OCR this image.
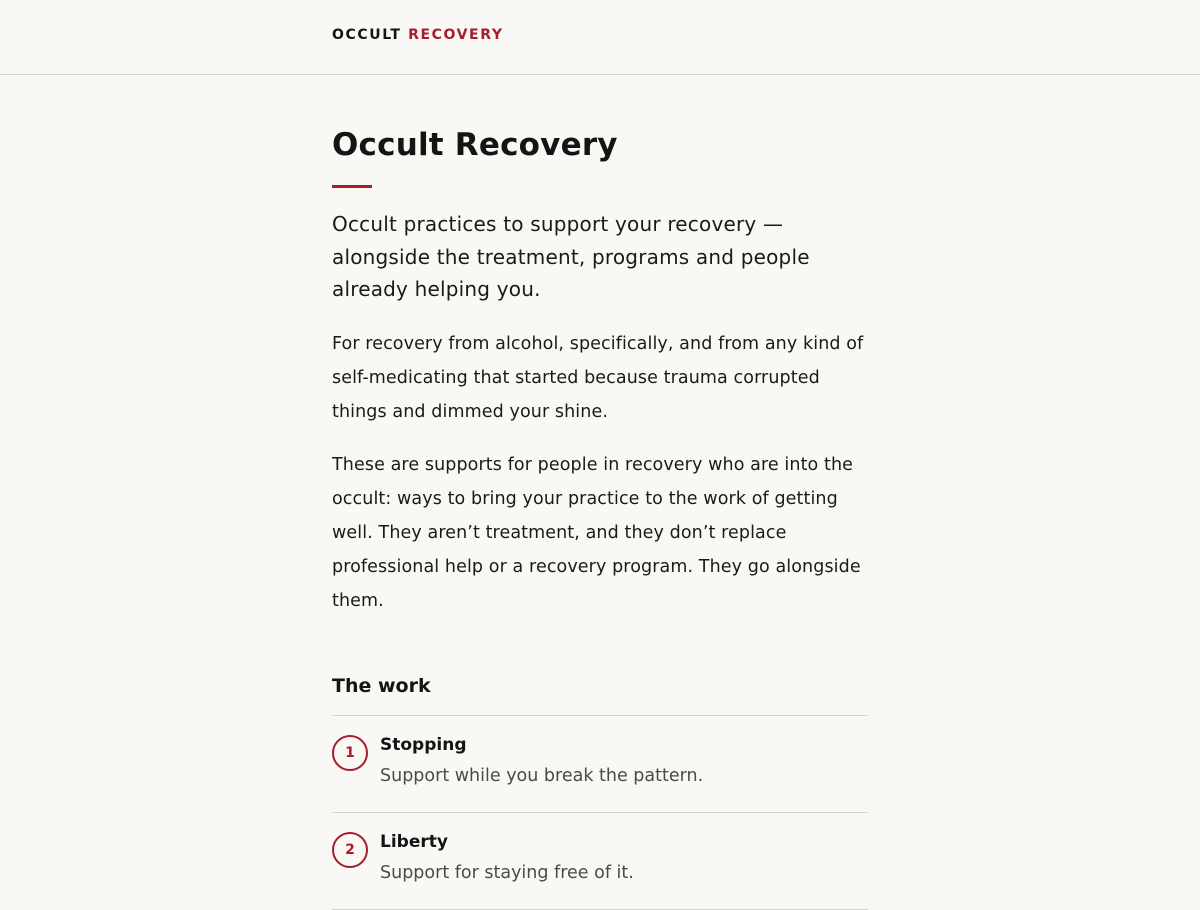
OCCULT RECOVERY
Occult Recovery

Occult practices to support your recovery — alongside the treatment, programs and people already helping you.

For recovery from alcohol, specifically, and from any kind of self-medicating that started because trauma corrupted things and dimmed your shine.

These are supports for people in recovery who are into the occult: ways to bring your practice to the work of getting well. They aren’t treatment, and they don’t replace professional help or a recovery program. They go alongside them.

The work
1	Stopping
Support while you break the pattern.
2	Liberty
Support for staying free of it.
